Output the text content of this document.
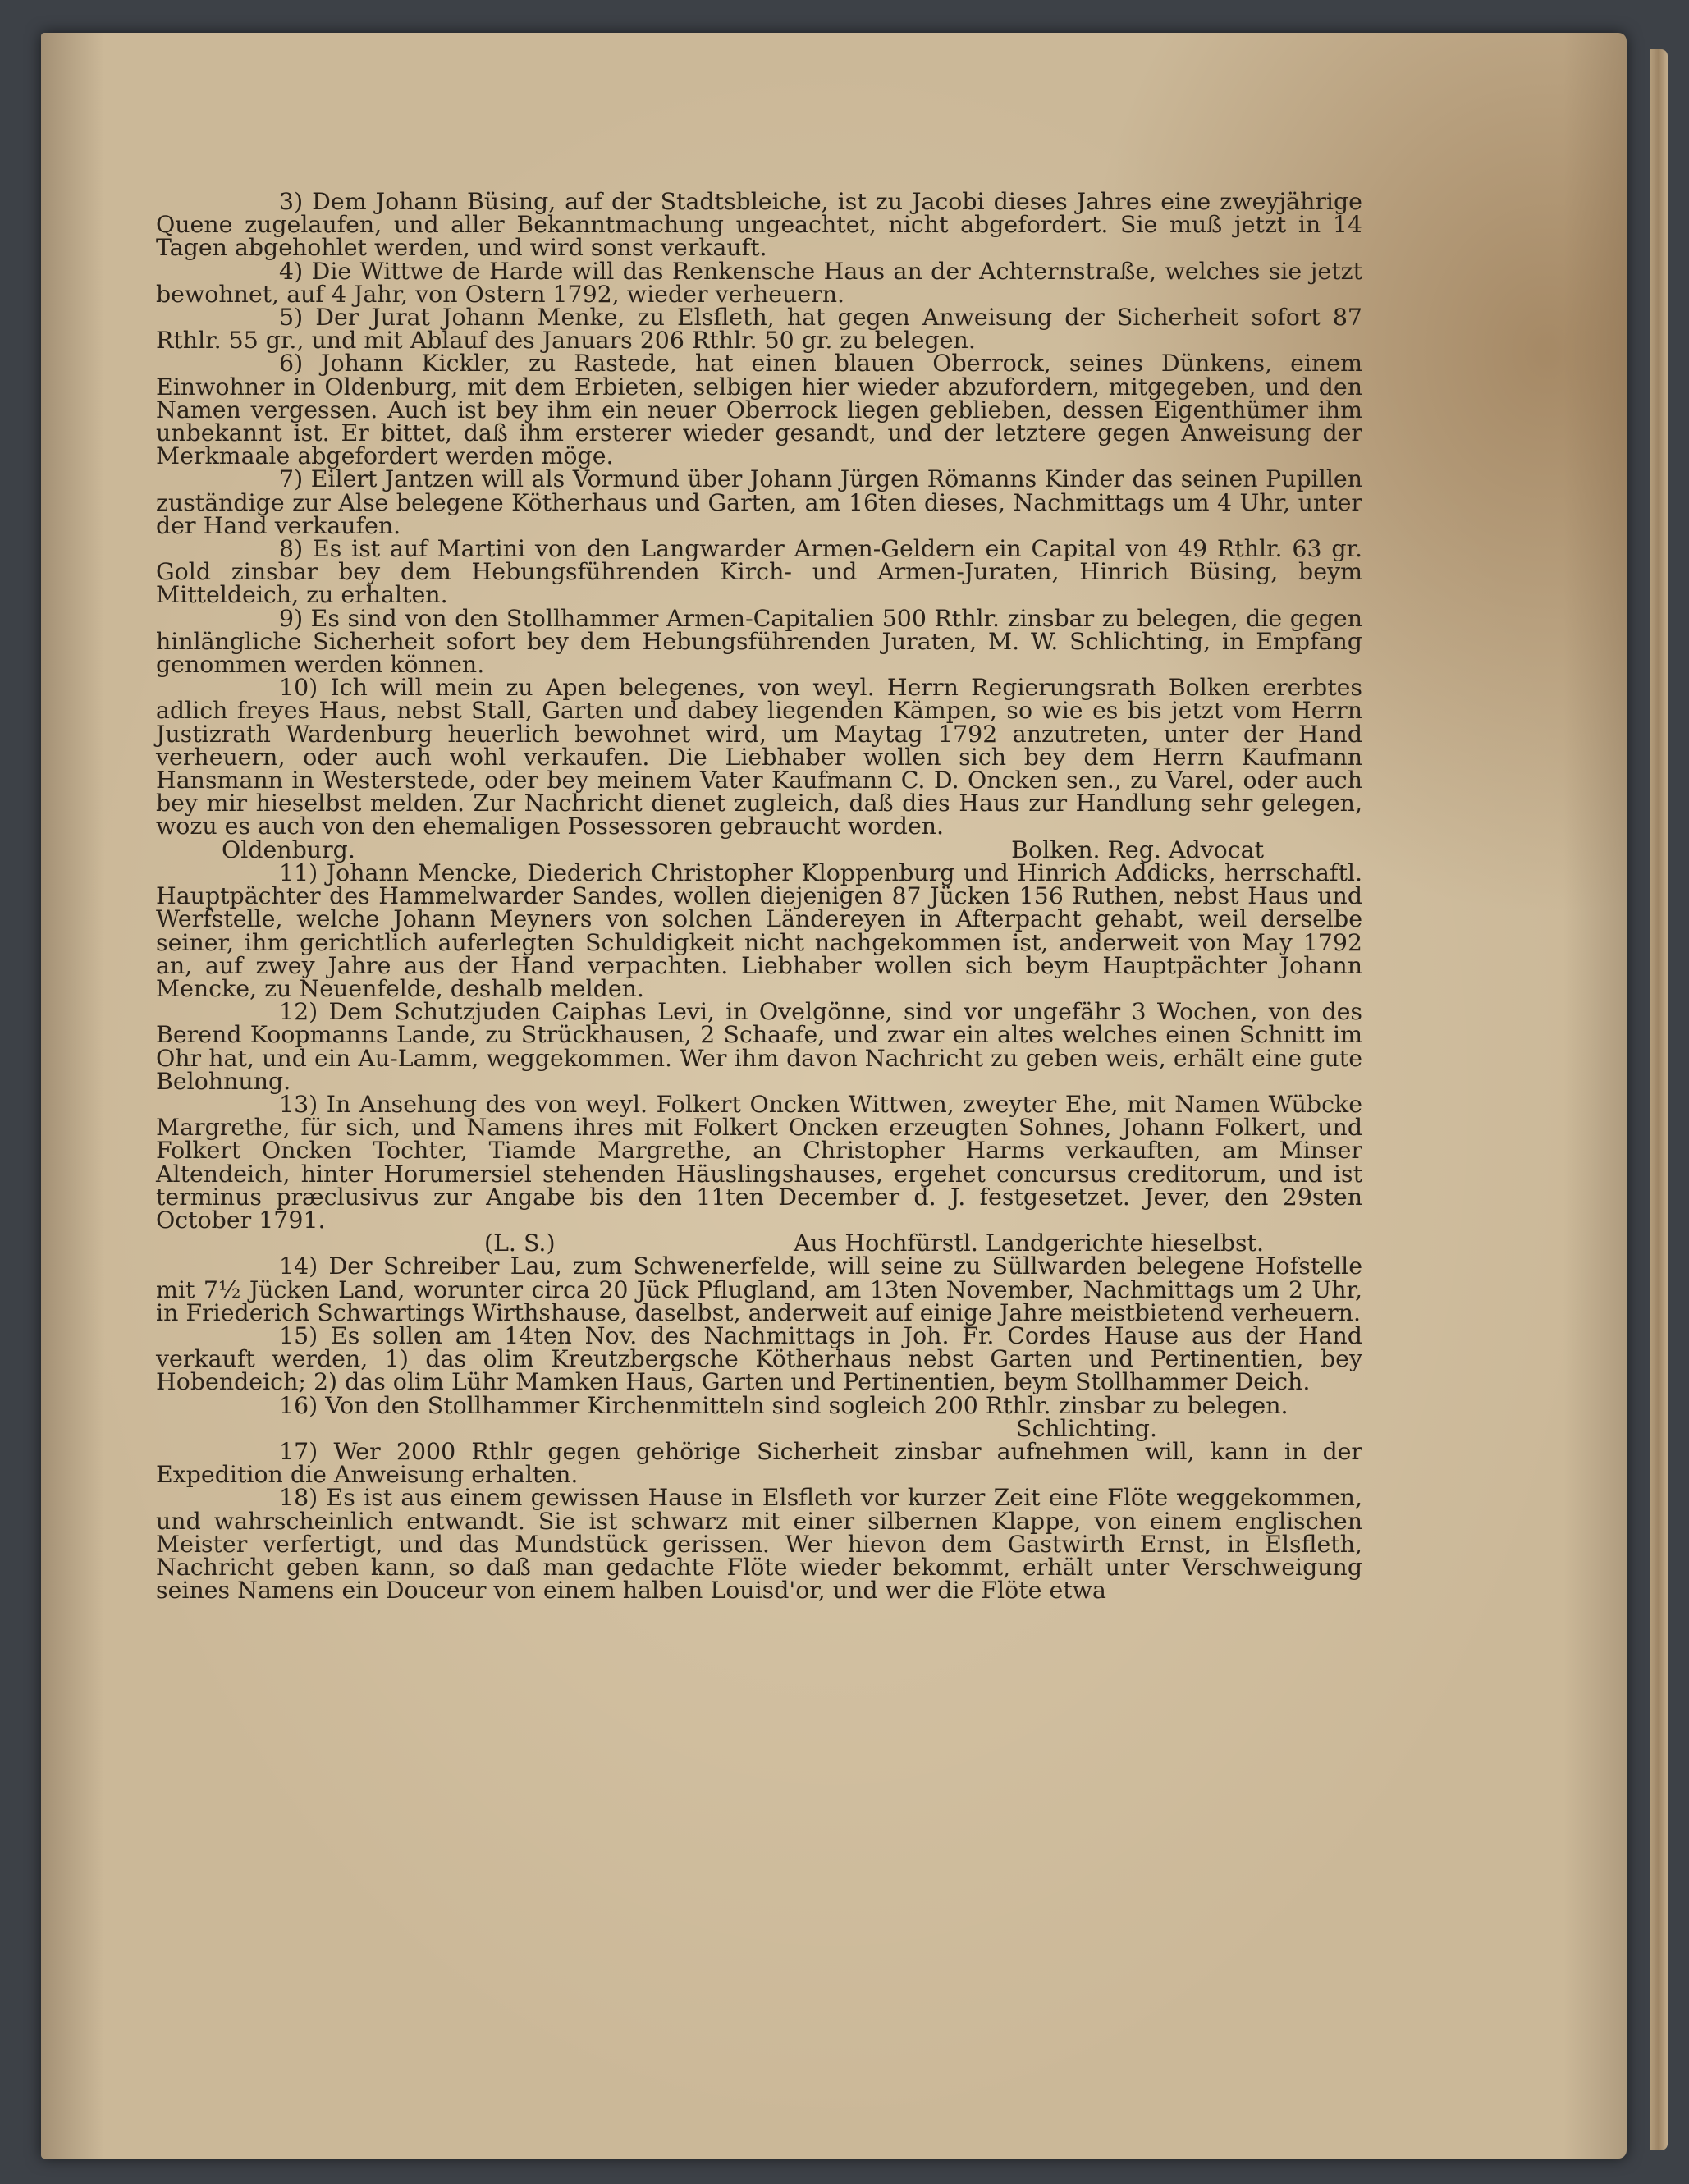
3) Dem Johann Büsing, auf der Stadtsbleiche, ist zu Jacobi dieses Jahres eine zweyjährige Quene zugelaufen, und aller Bekanntmachung ungeachtet, nicht abgefordert. Sie muß jetzt in 14 Tagen abgehohlet werden, und wird sonst verkauft.

4) Die Wittwe de Harde will das Renkensche Haus an der Achternstraße, welches sie jetzt bewohnet, auf 4 Jahr, von Ostern 1792, wieder verheuern.

5) Der Jurat Johann Menke, zu Elsfleth, hat gegen Anweisung der Sicherheit sofort 87 Rthlr. 55 gr., und mit Ablauf des Januars 206 Rthlr. 50 gr. zu belegen.

6) Johann Kickler, zu Rastede, hat einen blauen Oberrock, seines Dünkens, einem Einwohner in Oldenburg, mit dem Erbieten, selbigen hier wieder abzufordern, mitgegeben, und den Namen vergessen. Auch ist bey ihm ein neuer Oberrock liegen geblieben, dessen Eigenthümer ihm unbekannt ist. Er bittet, daß ihm ersterer wieder gesandt, und der letztere gegen Anweisung der Merkmaale abgefordert werden möge.

7) Eilert Jantzen will als Vormund über Johann Jürgen Römanns Kinder das seinen Pupillen zuständige zur Alse belegene Kötherhaus und Garten, am 16ten dieses, Nachmittags um 4 Uhr, unter der Hand verkaufen.

8) Es ist auf Martini von den Langwarder Armen-Geldern ein Capital von 49 Rthlr. 63 gr. Gold zinsbar bey dem Hebungsführenden Kirch- und Armen-Juraten, Hinrich Büsing, beym Mitteldeich, zu erhalten.

9) Es sind von den Stollhammer Armen-Capitalien 500 Rthlr. zinsbar zu belegen, die gegen hinlängliche Sicherheit sofort bey dem Hebungsführenden Juraten, M. W. Schlichting, in Empfang genommen werden können.

10) Ich will mein zu Apen belegenes, von weyl. Herrn Regierungsrath Bolken ererbtes adlich freyes Haus, nebst Stall, Garten und dabey liegenden Kämpen, so wie es bis jetzt vom Herrn Justizrath Wardenburg heuerlich bewohnet wird, um Maytag 1792 anzutreten, unter der Hand verheuern, oder auch wohl verkaufen. Die Liebhaber wollen sich bey dem Herrn Kaufmann Hansmann in Westerstede, oder bey meinem Vater Kaufmann C. D. Oncken sen., zu Varel, oder auch bey mir hieselbst melden. Zur Nachricht dienet zugleich, daß dies Haus zur Handlung sehr gelegen, wozu es auch von den ehemaligen Possessoren gebraucht worden.

Oldenburg.	Bolken. Reg. Advocat

11) Johann Mencke, Diederich Christopher Kloppenburg und Hinrich Addicks, herrschaftl. Hauptpächter des Hammelwarder Sandes, wollen diejenigen 87 Jücken 156 Ruthen, nebst Haus und Werfstelle, welche Johann Meyners von solchen Ländereyen in Afterpacht gehabt, weil derselbe seiner, ihm gerichtlich auferlegten Schuldigkeit nicht nachgekommen ist, anderweit von May 1792 an, auf zwey Jahre aus der Hand verpachten. Liebhaber wollen sich beym Hauptpächter Johann Mencke, zu Neuenfelde, deshalb melden.

12) Dem Schutzjuden Caiphas Levi, in Ovelgönne, sind vor ungefähr 3 Wochen, von des Berend Koopmanns Lande, zu Strückhausen, 2 Schaafe, und zwar ein altes welches einen Schnitt im Ohr hat, und ein Au-Lamm, weggekommen. Wer ihm davon Nachricht zu geben weis, erhält eine gute Belohnung.

13) In Ansehung des von weyl. Folkert Oncken Wittwen, zweyter Ehe, mit Namen Wübcke Margrethe, für sich, und Namens ihres mit Folkert Oncken erzeugten Sohnes, Johann Folkert, und Folkert Oncken Tochter, Tiamde Margrethe, an Christopher Harms verkauften, am Minser Altendeich, hinter Horumersiel stehenden Häuslingshauses, ergehet concursus creditorum, und ist terminus præclusivus zur Angabe bis den 11ten December d. J. festgesetzet. Jever, den 29sten October 1791.

(L. S.)	Aus Hochfürstl. Landgerichte hieselbst.

14) Der Schreiber Lau, zum Schwenerfelde, will seine zu Süllwarden belegene Hofstelle mit 7½ Jücken Land, worunter circa 20 Jück Pflugland, am 13ten November, Nachmittags um 2 Uhr, in Friederich Schwartings Wirthshause, daselbst, anderweit auf einige Jahre meistbietend verheuern.

15) Es sollen am 14ten Nov. des Nachmittags in Joh. Fr. Cordes Hause aus der Hand verkauft werden, 1) das olim Kreutzbergsche Kötherhaus nebst Garten und Pertinentien, bey Hobendeich; 2) das olim Lühr Mamken Haus, Garten und Pertinentien, beym Stollhammer Deich.

16) Von den Stollhammer Kirchenmitteln sind sogleich 200 Rthlr. zinsbar zu belegen.

Schlichting.

17) Wer 2000 Rthlr gegen gehörige Sicherheit zinsbar aufnehmen will, kann in der Expedition die Anweisung erhalten.

18) Es ist aus einem gewissen Hause in Elsfleth vor kurzer Zeit eine Flöte weggekommen, und wahrscheinlich entwandt. Sie ist schwarz mit einer silbernen Klappe, von einem englischen Meister verfertigt, und das Mundstück gerissen. Wer hievon dem Gastwirth Ernst, in Elsfleth, Nachricht geben kann, so daß man gedachte Flöte wieder bekommt, erhält unter Verschweigung seines Namens ein Douceur von einem halben Louisd'or, und wer die Flöte etwa
